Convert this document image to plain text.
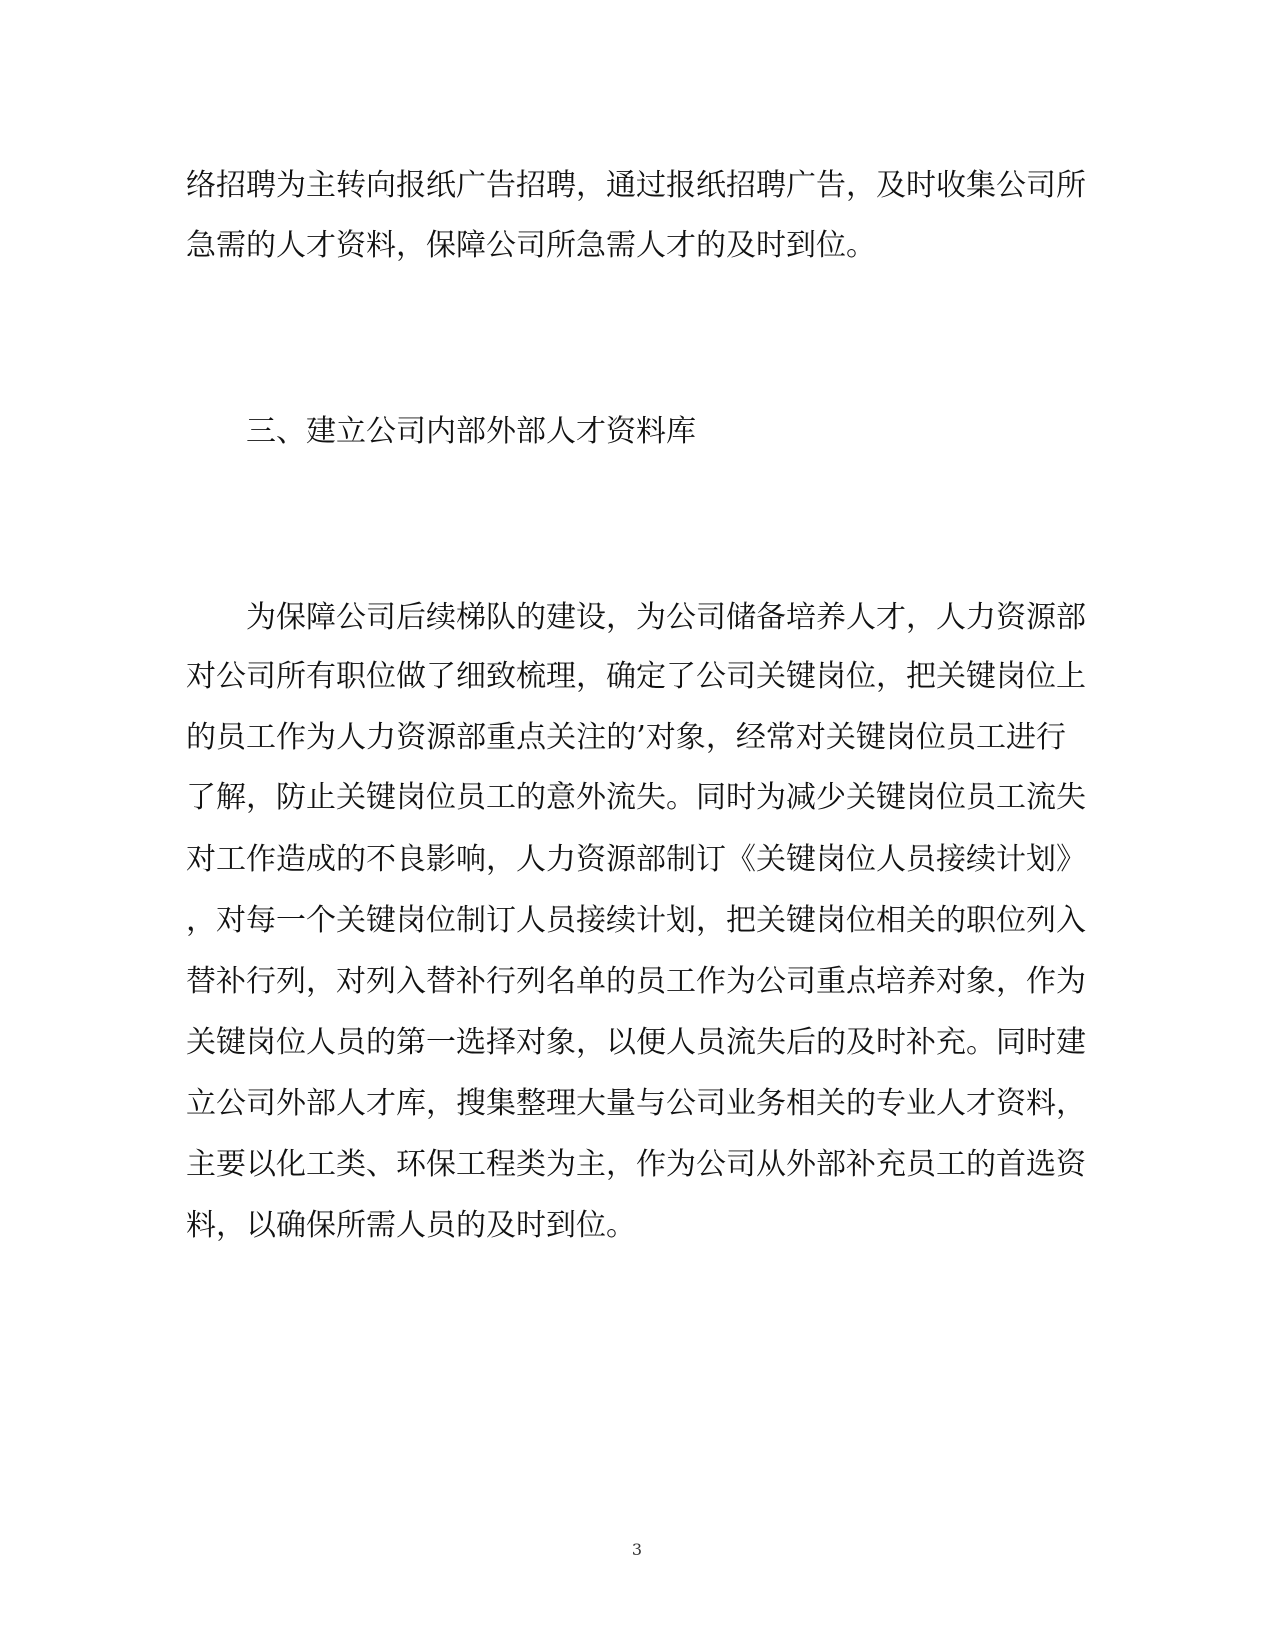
络招聘为主转向报纸广告招聘，通过报纸招聘广告，及时收集公司所
急需的人才资料，保障公司所急需人才的及时到位。
三、建立公司内部外部人才资料库
为保障公司后续梯队的建设，为公司储备培养人才，人力资源部
对公司所有职位做了细致梳理，确定了公司关键岗位，把关键岗位上
的员工作为人力资源部重点关注的’对象，经常对关键岗位员工进行
了解，防止关键岗位员工的意外流失。同时为减少关键岗位员工流失
对工作造成的不良影响，人力资源部制订《关键岗位人员接续计划》
，对每一个关键岗位制订人员接续计划，把关键岗位相关的职位列入
替补行列，对列入替补行列名单的员工作为公司重点培养对象，作为
关键岗位人员的第一选择对象，以便人员流失后的及时补充。同时建
立公司外部人才库，搜集整理大量与公司业务相关的专业人才资料，
主要以化工类、环保工程类为主，作为公司从外部补充员工的首选资
料，以确保所需人员的及时到位。
3
